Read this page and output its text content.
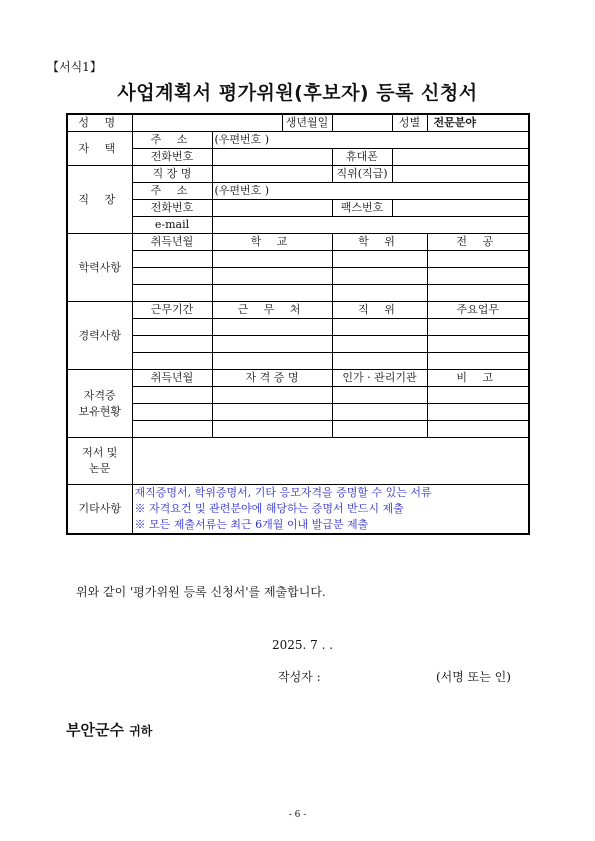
【서식1】
사업계획서 평가위원(후보자) 등록 신청서
성 명			생년월일		성별	전문분야
자 택	주 소	(우편번호 )				
	전화번호			휴대폰		
직 장	직 장 명			직위(직급)		
	주 소	(우편번호 )				
	전화번호			팩스번호		
	e-mail					
학력사항	취득년월	학 교		학 위		전 공

경력사항	근무기간	근 무 처		직 위		주요업무

자격증
보유현황	취득년월	자 격 증 명		인가 · 관리기관		비 고

저서 및
논문						
기타사항	재직증명서, 학위증명서, 기타 응모자격을 증명할 수 있는 서류
※ 자격요건 및 관련분야에 해당하는 증명서 반드시 제출
※ 모든 제출서류는 최근 6개월 이내 발급분 제출					
위와 같이 '평가위원 등록 신청서'를 제출합니다.
2025. 7 . .
작성자 :	(서명 또는 인)
부안군수 귀하
- 6 -
